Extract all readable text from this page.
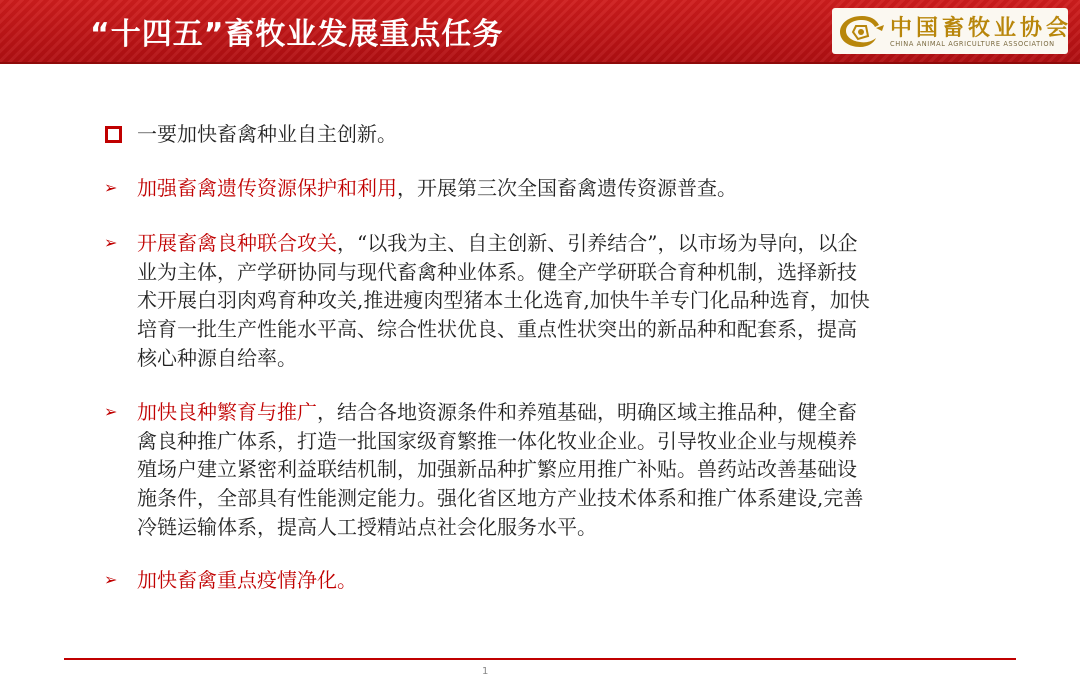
“十四五”畜牧业发展重点任务	中国畜牧业协会
CHINA ANIMAL AGRICULTURE ASSOCIATION
一要加快畜禽种业自主创新。
➢ 加强畜禽遗传资源保护和利用，开展第三次全国畜禽遗传资源普查。
➢ 开展畜禽良种联合攻关，“以我为主、自主创新、引养结合”，以市场为导向，以企业为主体，产学研协同与现代畜禽种业体系。健全产学研联合育种机制，选择新技术开展白羽肉鸡育种攻关,推进瘦肉型猪本土化选育,加快牛羊专门化品种选育，加快培育一批生产性能水平高、综合性状优良、重点性状突出的新品种和配套系，提高核心种源自给率。
➢ 加快良种繁育与推广，结合各地资源条件和养殖基础，明确区域主推品种，健全畜禽良种推广体系，打造一批国家级育繁推一体化牧业企业。引导牧业企业与规模养殖场户建立紧密利益联结机制，加强新品种扩繁应用推广补贴。兽药站改善基础设施条件，全部具有性能测定能力。强化省区地方产业技术体系和推广体系建设,完善冷链运输体系，提高人工授精站点社会化服务水平。
➢ 加快畜禽重点疫情净化。
1
